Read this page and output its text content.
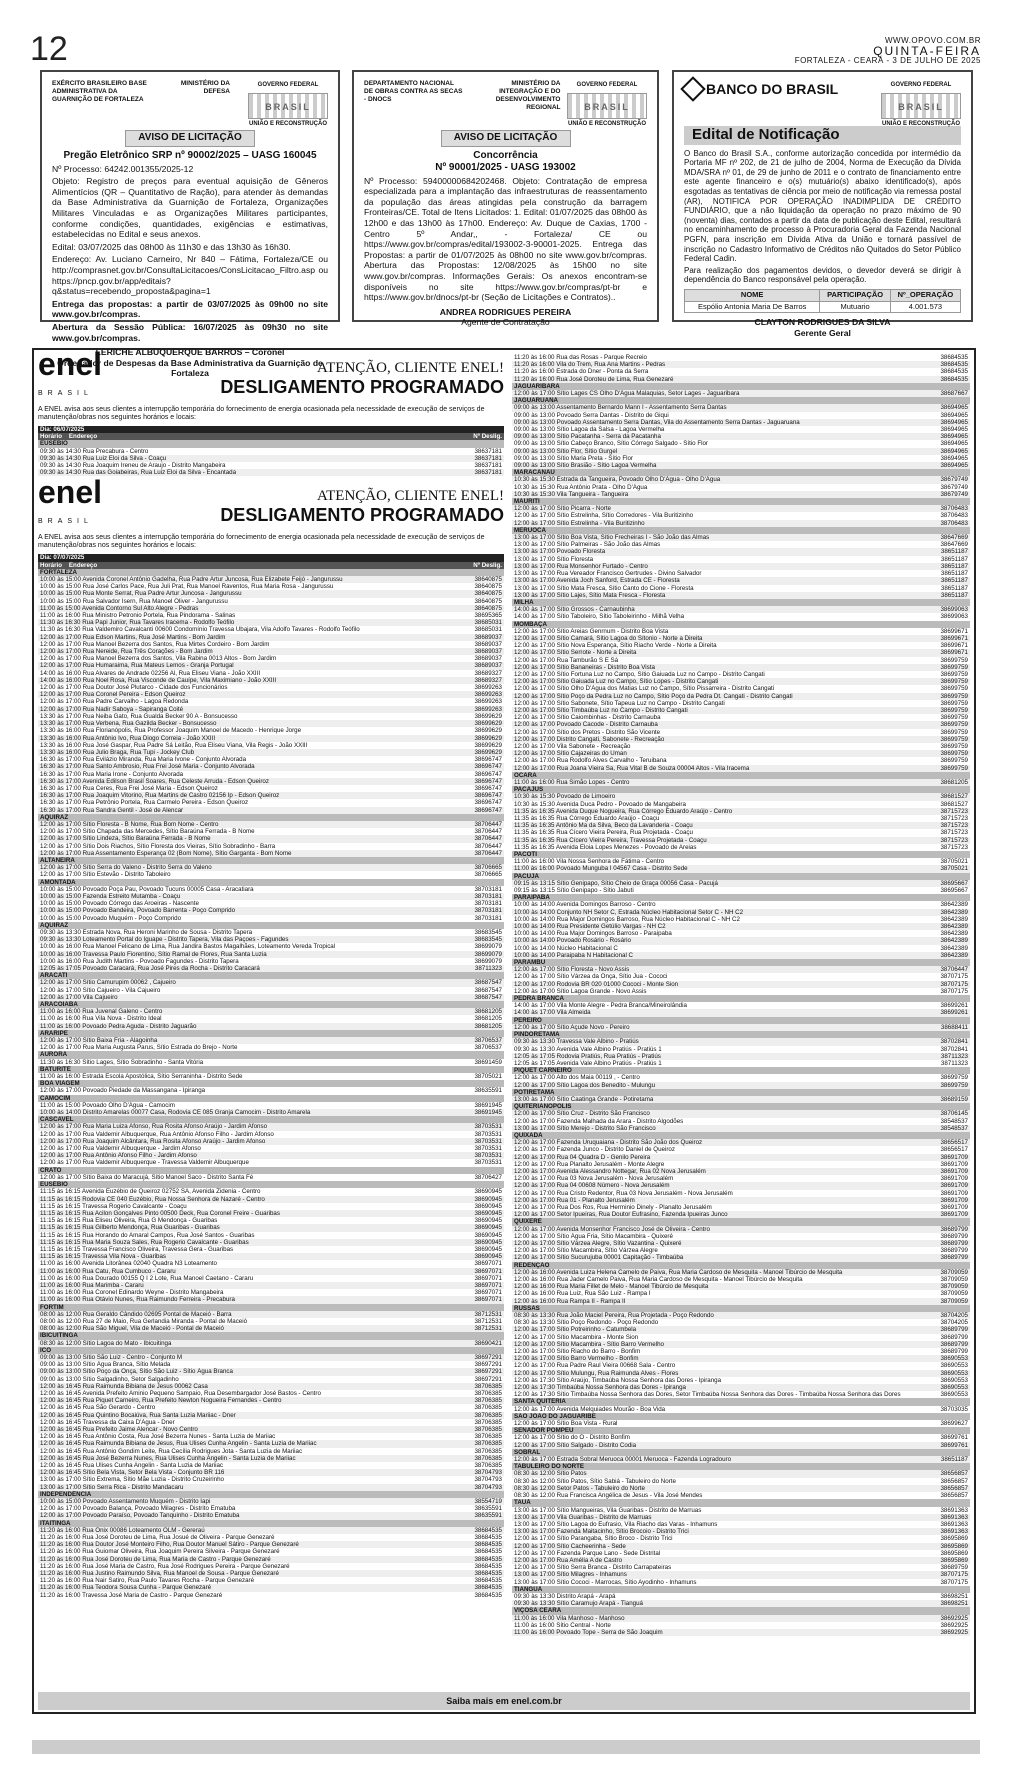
12	WWW.OPOVO.COM.BR
QUINTA-FEIRA
FORTALEZA - CEARÁ - 3 DE JULHO DE 2025
EXÉRCITO BRASILEIRO BASE ADMINISTRATIVA DA GUARNIÇÃO DE FORTALEZA
MINISTÉRIO DA DEFESA
GOVERNO FEDERAL
BRASIL
UNIÃO E RECONSTRUÇÃO
AVISO DE LICITAÇÃO
Pregão Eletrônico SRP nº 90002/2025 – UASG 160045

Nº Processo: 64242.001355/2025-12

Objeto: Registro de preços para eventual aquisição de Gêneros Alimentícios (QR – Quantitativo de Ração), para atender às demandas da Base Administrativa da Guarnição de Fortaleza, Organizações Militares Vinculadas e as Organizações Militares participantes, conforme condições, quantidades, exigências e estimativas, estabelecidas no Edital e seus anexos.

Edital: 03/07/2025 das 08h00 às 11h30 e das 13h30 às 16h30.

Endereço: Av. Luciano Carneiro, Nr 840 – Fátima, Fortaleza/CE ou http://comprasnet.gov.br/ConsultaLicitacoes/ConsLicitacao_Filtro.asp ou https://pncp.gov.br/app/editais?q&status=recebendo_proposta&pagina=1

Entrega das propostas: a partir de 03/07/2025 às 09h00 no site www.gov.br/compras.

Abertura da Sessão Pública: 16/07/2025 às 09h30 no site www.gov.br/compras.

LERICHE ALBUQUERQUE BARROS – Coronel
Ordenador de Despesas da Base Administrativa da Guarnição de Fortaleza
DEPARTAMENTO NACIONAL DE OBRAS CONTRA AS SECAS - DNOCS
MINISTÉRIO DA INTEGRAÇÃO E DO DESENVOLVIMENTO REGIONAL
GOVERNO FEDERAL
BRASIL
UNIÃO E RECONSTRUÇÃO
AVISO DE LICITAÇÃO
Concorrência
Nº 90001/2025 - UASG 193002

Nº Processo: 59400000684202468. Objeto: Contratação de empresa especializada para a implantação das infraestruturas de reassentamento da população das áreas atingidas pela construção da barragem Fronteiras/CE. Total de Itens Licitados: 1. Edital: 01/07/2025 das 08h00 às 12h00 e das 13h00 às 17h00. Endereço: Av. Duque de Caxias, 1700 - Centro 5º Andar,, - Fortaleza/ CE ou https://www.gov.br/compras/edital/193002-3-90001-2025. Entrega das Propostas: a partir de 01/07/2025 às 08h00 no site www.gov.br/compras. Abertura das Propostas: 12/08/2025 às 15h00 no site www.gov.br/compras. Informações Gerais: Os anexos encontram-se disponíveis no site https://www.gov.br/compras/pt-br e https://www.gov.br/dnocs/pt-br (Seção de Licitações e Contratos)..

ANDREA RODRIGUES PEREIRA
Agente de Contratação
BANCO DO BRASIL	GOVERNO FEDERAL
BRASIL
UNIÃO E RECONSTRUÇÃO
Edital de Notificação

O Banco do Brasil S.A., conforme autorização concedida por intermédio da Portaria MF nº 202, de 21 de julho de 2004, Norma de Execução da Dívida MDA/SRA nº 01, de 29 de junho de 2011 e o contrato de financiamento entre este agente financeiro e o(s) mutuário(s) abaixo identificado(s), após esgotadas as tentativas de ciência por meio de notificação via remessa postal (AR), NOTIFICA POR OPERAÇÃO INADIMPLIDA DE CRÉDITO FUNDIÁRIO, que a não liquidação da operação no prazo máximo de 90 (noventa) dias, contados a partir da data de publicação deste Edital, resultará no encaminhamento de processo à Procuradoria Geral da Fazenda Nacional PGFN, para inscrição em Dívida Ativa da União e tornará passível de inscrição no Cadastro Informativo de Créditos não Quitados do Setor Público Federal Cadin.

Para realização dos pagamentos devidos, o devedor deverá se dirigir à dependência do Banco responsável pela operação.

NOME	PARTICIPAÇÃO	Nº_OPERAÇÃO
Espólio Antonia Maria De Barros	Mutuario	4.001.573
CLAYTON RODRIGUES DA SILVA
Gerente Geral
enel
BRASIL
ATENÇÃO, CLIENTE ENEL!
DESLIGAMENTO PROGRAMADO
A ENEL avisa aos seus clientes a interrupção temporária do fornecimento de energia ocasionada pela necessidade de execução de serviços de manutenção/obras nos seguintes horários e locais:
Dia: 06/07/2025	
Horário Endereço	Nº Deslig.
EUSÉBIO	
09:30 às 14:30 Rua Precabura - Centro	38637181
09:30 às 14:30 Rua Luiz Eloi da Silva - Coaçu	38637181
09:30 às 14:30 Rua Joaquim Ireneu de Araujo - Distrito Mangabeira	38637181
09:30 às 14:30 Rua das Goiabeiras, Rua Luiz Eloi da Silva - Encantada	38637181
enel
BRASIL
ATENÇÃO, CLIENTE ENEL!
DESLIGAMENTO PROGRAMADO
A ENEL avisa aos seus clientes a interrupção temporária do fornecimento de energia ocasionada pela necessidade de execução de serviços de manutenção/obras nos seguintes horários e locais:
Dia: 07/07/2025	
Horário Endereço	Nº Deslig.
FORTALEZA	
10:00 às 15:00 Avenida Coronel Antônio Gadelha, Rua Padre Artur Juncosa, Rua Elizabete Feijó - Jangurussu	38640875
10:00 às 15:00 Rua José Carlos Pace, Rua Juli Prat, Rua Manoel Raventos, Rua Maria Rosa - Jangurussu	38640875
10:00 às 15:00 Rua Monte Serrat, Rua Padre Artur Juncosa - Jangurussu	38640875
10:00 às 15:00 Rua Salvador Isern, Rua Manoel Oliver - Jangurussu	38640875
11:00 às 15:00 Avenida Contorno Sul Alto Alegre - Pedras	38640875
11:00 às 16:00 Rua Ministro Petronio Portela, Rua Pindorama - Salinas	38695365
11:30 às 16:30 Rua Papi Junior, Rua Tavares Iracema - Rodolfo Teófilo	38685031
11:30 às 16:30 Rua Valdemiro Cavalcanti 00600 Condomínio Travessa Ubajara, Vila Adolfo Tavares - Rodolfo Teófilo	38685031
12:00 às 17:00 Rua Edson Martins, Rua José Martins - Bom Jardim	38689037
12:00 às 17:00 Rua Manoel Bezerra dos Santos, Rua Mirtes Cordeiro - Bom Jardim	38689037
12:00 às 17:00 Rua Nereide, Rua Três Corações - Bom Jardim	38689037
12:00 às 17:00 Rua Manoel Bezerra dos Santos, Vila Rabina 0013 Altos - Bom Jardim	38689037
12:00 às 17:00 Rua Humaraima, Rua Mateus Lemos - Granja Portugal	38689037
14:00 às 16:00 Rua Alvares de Andrade 02256 Al, Rua Eliseu Viana - João XXIII	38689327
14:00 às 16:00 Rua Noel Rosa, Rua Visconde de Cauípe, Vila Maximiano - João XXIII	38689327
12:00 às 17:00 Rua Doutor José Plutarco - Cidade dos Funcionários	38699263
12:00 às 17:00 Rua Coronel Pereira - Edson Queiroz	38699263
12:00 às 17:00 Rua Padre Carvalho - Lagoa Redonda	38699263
12:00 às 17:00 Rua Nadir Saboya - Sapiranga Coité	38699263
13:30 às 17:00 Rua Neiba Gato, Rua Gualda Becker 90 A - Bonsucesso	38699629
13:30 às 17:00 Rua Verbena, Rua Gazilda Becker - Bonsucesso	38699629
13:30 às 16:00 Rua Florianópolis, Rua Professor Joaquim Manoel de Macedo - Henrique Jorge	38699629
13:30 às 16:00 Rua Antônio Ivo, Rua Diogo Correia - João XXIII	38699629
13:30 às 16:00 Rua José Gaspar, Rua Padre Sá Leitão, Rua Eliseu Viana, Vila Regis - João XXIII	38699629
13:30 às 16:00 Rua Julio Braga, Rua Tupi - Jockey Club	38699629
16:30 às 17:00 Rua Evilázio Miranda, Rua Maria Ivone - Conjunto Alvorada	38696747
16:30 às 17:00 Rua Santo Ambrosio, Rua Frei José Maria - Conjunto Alvorada	38696747
16:30 às 17:00 Rua Maria Irone - Conjunto Alvorada	38696747
16:30 às 17:00 Avenida Edilson Brasil Soares, Rua Celeste Arruda - Edson Queiroz	38696747
16:30 às 17:00 Rua Ceres, Rua Frei José Maria - Edson Queiroz	38696747
16:30 às 17:00 Rua Joaquim Vitorino, Rua Martins de Castro 02156 Ip - Edson Queiroz	38696747
16:30 às 17:00 Rua Petrônio Portela, Rua Carmelo Pereira - Edson Queiroz	38696747
16:30 às 17:00 Rua Sandra Gentil - José de Alencar	38696747
AQUIRAZ	
12:00 às 17:00 Sítio Floresta - B Nome, Rua Bom Nome - Centro	38706447
12:00 às 17:00 Sítio Chapada das Mercedes, Sítio Baraúna Ferrada - B Nome	38706447
12:00 às 17:00 Sítio Lindeza, Sítio Baraúna Ferrada - B Nome	38706447
12:00 às 17:00 Sítio Dois Riachos, Sítio Floresta dos Vieiras, Sítio Sobradinho - Barra	38706447
12:00 às 17:00 Rua Assentamento Esperança 02 (Bom Nome), Sítio Garganta - Bom Nome	38706447
ALTANEIRA	
12:00 às 17:00 Sítio Serra do Valeno - Distrito Serra do Valeno	38706665
12:00 às 17:00 Sítio Estevão - Distrito Taboleiro	38706665
AMONTADA	
10:00 às 15:00 Povoado Poça Pau, Povoado Tucuns 00005 Casa - Aracatiara	38703181
10:00 às 15:00 Fazenda Estreito Mutamba - Coaçu	38703181
10:00 às 15:00 Povoado Córrego das Aroeiras - Nascente	38703181
10:00 às 15:00 Povoado Bandeira, Povoado Barrenta - Poço Comprido	38703181
10:00 às 15:00 Povoado Muquém - Poço Comprido	38703181
AQUIRAZ	
09:30 às 13:30 Estrada Nova, Rua Heroni Marinho de Sousa - Distrito Tapera	38683545
09:30 às 13:30 Loteamento Portal do Iguape - Distrito Tapera, Vila das Paçoes - Fagundes	38683545
10:00 às 16:00 Rua Manoel Felicano de Lima, Rua Jandira Bastos Magalhães, Loteamento Vereda Tropical	38699079
10:00 às 16:00 Travessa Paulo Fiorentino, Sítio Ramal de Flores, Rua Santa Luzia	38699079
10:00 às 16:00 Rua Judith Martins - Povoado Fagundes - Distrito Tapera	38699079
12:05 às 17:05 Povoado Caracará, Rua José Pires da Rocha - Distrito Caracará	38711323
ARACATI	
12:00 às 17:00 Sítio Camurupim 00062 , Cajueiro	38687547
12:00 às 17:00 Sítio Cajueiro - Vila Cajueiro	38687547
12:00 às 17:00 Vila Cajueiro	38687547
ARACOIABA	
11:00 às 16:00 Rua Juvenal Galeno - Centro	38681205
11:00 às 16:00 Rua Vila Nova - Distrito Ideal	38681205
11:00 às 16:00 Povoado Pedra Aguda - Distrito Jaguarão	38681205
ARARIPE	
12:00 às 17:00 Sítio Baixa Fria - Alagoinha	38706537
12:00 às 17:00 Rua Maria Augusta Parus, Sítio Estrada do Brejo - Norte	38706537
AURORA	
11:30 às 16:30 Sítio Lages, Sítio Sobradinho - Santa Vitória	38691459
BATURITÉ	
11:00 às 16:00 Estrada Escola Apostólica, Sítio Serraninha - Distrito Sede	38705021
BOA VIAGEM	
12:00 às 17:00 Povoado Piedade da Massangana - Ipiranga	38635591
CAMOCIM	
11:00 às 15:00 Povoado Olho D'Água - Camocim	38691945
10:00 às 14:00 Distrito Amarelas 00077 Casa, Rodovia CE 085 Granja Camocim - Distrito Amarela	38691945
CASCAVEL	
12:00 às 17:00 Rua Maria Luiza Afonso, Rua Rosita Afonso Araújo - Jardim Afonso	38703531
12:00 às 17:00 Rua Valdemir Albuquerque, Rua Antônio Afonso Filho - Jardim Afonso	38703531
12:00 às 17:00 Rua Joaquim Alcântara, Rua Rosita Afonso Araújo - Jardim Afonso	38703531
12:00 às 17:00 Rua Valdemir Albuquerque - Jardim Afonso	38703531
12:00 às 17:00 Rua Antônio Afonso Filho - Jardim Afonso	38703531
12:00 às 17:00 Rua Valdemir Albuquerque - Travessa Valdemir Albuquerque	38703531
CRATO	
12:00 às 17:00 Sítio Baixa do Maracujá, Sítio Manoel Saco - Distrito Santa Fé	38706427
EUSÉBIO	
11:15 às 16:15 Avenida Euzébio de Queiroz 02752 SA, Avenida Zidenia - Centro	38690945
11:15 às 16:15 Rodovia CE 040 Euzébio, Rua Nossa Senhora de Nazaré - Centro	38690945
11:15 às 16:15 Travessa Rogerio Cavalcante - Coaçu	38690945
11:15 às 16:15 Rua Acilon Gonçalves Pinto 00500 Deck, Rua Coronel Freire - Guaribas	38690945
11:15 às 16:15 Rua Eliseu Oliveira, Rua G Mendonça - Guaribas	38690945
11:15 às 16:15 Rua Gilberto Mendonça, Rua Guaribas - Guaribas	38690945
11:15 às 16:15 Rua Horando do Amaral Campos, Rua José Santos - Guaribas	38690945
11:15 às 16:15 Rua Maria Souza Sales, Rua Rogerio Cavalcante - Guaribas	38690945
11:15 às 16:15 Travessa Francisco Oliveira, Travessa Gera - Guaribas	38690945
11:15 às 16:15 Travessa Vila Nova - Guaribas	38690945
11:00 às 16:00 Avenida Litorânea 02040 Quadra N3 Loteamento	38697071
11:00 às 16:00 Rua Catu, Rua Cumbuco - Cararu	38697071
11:00 às 16:00 Rua Dourado 00155 Q I 2 Lote, Rua Manoel Caetano - Cararu	38697071
11:00 às 16:00 Rua Marimba - Cararu	38697071
11:00 às 16:00 Rua Coronel Edinardo Weyne - Distrito Mangabeira	38697071
11:00 às 16:00 Rua Otávio Nunes, Rua Raimundo Ferreira - Precabura	38697071
FORTIM	
08:00 às 12:00 Rua Geraldo Cândido 02695 Pontal de Maceió - Barra	38712531
08:00 às 12:00 Rua 27 de Maio, Rua Gerlandia Miranda - Pontal de Maceió	38712531
08:00 às 12:00 Rua São Miguel, Vila de Maceió - Pontal de Maceió	38712531
IBICUITINGA	
08:30 às 12:00 Sítio Lagoa do Mato - Ibicuitinga	38690421
ICÓ	
09:00 às 13:00 Sítio São Luiz - Centro - Conjunto M	38697291
09:00 às 13:00 Sítio Água Branca, Sítio Melada	38697291
09:00 às 13:00 Sítio Poço da Onça, Sítio São Luiz - Sítio Água Branca	38697291
09:00 às 13:00 Sítio Salgadinho, Setor Salgadinho	38697291
12:00 às 16:45 Rua Raimunda Bibiana de Jesus 00062 Casa	38706385
12:00 às 16:45 Avenida Prefeito Aminio Pequeno Sampaio, Rua Desembargador José Bastos - Centro	38706385
12:00 às 16:45 Rua Piquet Carneiro, Rua Prefeito Newton Nogueira Fernandes - Centro	38706385
12:00 às 16:45 Rua São Gerardo - Centro	38706385
12:00 às 16:45 Rua Quintino Bocaiúva, Rua Santa Luzia Mariiac - Dner	38706385
12:00 às 16:45 Travessa da Caixa D'Água - Dner	38706385
12:00 às 16:45 Rua Prefeito Jaime Alencar - Novo Centro	38706385
12:00 às 16:45 Rua Antônio Costa, Rua José Bezerra Nunes - Santa Luzia de Mariiac	38706385
12:00 às 16:45 Rua Raimunda Bibiana de Jesus, Rua Ulises Cunha Angelin - Santa Luzia de Mariiac	38706385
12:00 às 16:45 Rua Antônio Gondim Leite, Rua Cecília Rodrigues Jota - Santa Luzia de Mariiac	38706385
12:00 às 16:45 Rua José Bezerra Nunes, Rua Ulises Cunha Angelin - Santa Luzia de Mariiac	38706385
12:00 às 16:45 Rua Ulises Cunha Angelin - Santa Luzia de Mariiac	38706385
12:00 às 16:45 Sítio Bela Vista, Setor Bela Vista - Conjunto BR 116	38704793
13:00 às 17:00 Sítio Extrema, Sítio Mãe Luzia - Distrito Cruzeirinho	38704793
13:00 às 17:00 Sítio Serra Rica - Distrito Mandacaru	38704793
INDEPENDÊNCIA	
10:00 às 15:00 Povoado Assentamento Muquém - Distrito Iapi	38554719
12:00 às 17:00 Povoado Balança, Povoado Milagres - Distrito Ematuba	38635591
12:00 às 17:00 Povoado Paraíso, Povoado Tanquinho - Distrito Ematuba	38635591
ITAITINGA	
11:20 às 16:00 Rua Ônix 00086 Loteamento OLM - Gereraú	38684535
11:20 às 16:00 Rua José Doroteu de Lima, Rua Josué de Oliveira - Parque Genezaré	38684535
11:20 às 16:00 Rua Doutor José Monteiro Filho, Rua Doutor Manuel Sátiro - Parque Genezaré	38684535
11:20 às 16:00 Rua Guiomar Oliveira, Rua Joaquim Pereira Silveira - Parque Genezaré	38684535
11:20 às 16:00 Rua José Doroteu de Lima, Rua Maria de Castro - Parque Genezaré	38684535
11:20 às 16:00 Rua José Maria de Castro, Rua José Rodrigues Pereira - Parque Genezaré	38684535
11:20 às 16:00 Rua Justino Raimundo Silva, Rua Manoel de Sousa - Parque Genezaré	38684535
11:20 às 16:00 Rua Nair Satiro, Rua Paulo Tavares Rocha - Parque Genezaré	38684535
11:20 às 16:00 Rua Teodora Sousa Cunha - Parque Genezaré	38684535
11:20 às 16:00 Travessa José Maria de Castro - Parque Genezaré	38684535
11:20 às 16:00 Rua das Rosas - Parque Recreio	38684535
11:20 às 16:00 Vila do Trem, Rua Ana Martins - Pedras	38684535
11:20 às 16:00 Estrada do Dner - Ponta da Serra	38684535
11:20 às 16:00 Rua José Doroteu de Lima, Rua Genezaré	38684535
JAGUARIBARA	
12:00 às 17:00 Sítio Lages CS Olho D'Água Malaquias, Setor Lages - Jaguaribara	38687667
JAGUARUANA	
09:00 às 13:00 Assentamento Bernardo Mann I - Assentamento Serra Dantas	38694965
09:00 às 13:00 Povoado Serra Dantas - Distrito de Giqui	38694965
09:00 às 13:00 Povoado Assentamento Serra Dantas, Vila do Assentamento Serra Dantas - Jaguaruana	38694965
09:00 às 13:00 Sítio Lagoa da Salsa - Lagoa Vermelha	38694965
09:00 às 13:00 Sítio Pacatanha - Serra da Pacatanha	38694965
09:00 às 13:00 Sítio Cabeço Branco, Sítio Córrego Salgado - Sítio Flor	38694965
09:00 às 13:00 Sítio Flor, Sítio Gurgel	38694965
09:00 às 13:00 Sítio Maria Preta - Sítio Flor	38694965
09:00 às 13:00 Sítio Brasião - Sítio Lagoa Vermelha	38694965
MARACANAÚ	
10:30 às 15:30 Estrada da Tangueira, Povoado Olho D'Água - Olho D'Água	38679749
10:30 às 15:30 Rua Antônio Prata - Olho D'Água	38679749
10:30 às 15:30 Vila Tangueira - Tangueira	38679749
MAURITI	
12:00 às 17:00 Sítio Picarra - Norte	38706483
12:00 às 17:00 Sítio Estrelinha, Sítio Corredores - Vila Buritizinho	38706483
12:00 às 17:00 Sítio Estrelinha - Vila Buritizinho	38706483
MERUOCA	
13:00 às 17:00 Sítio Boa Vista, Sítio Frecheiras I - São João das Almas	38647669
13:00 às 17:00 Sítio Palmeiras - São João das Almas	38647669
13:00 às 17:00 Povoado Floresta	38651187
13:00 às 17:00 Sítio Floresta	38651187
13:00 às 17:00 Rua Monsenhor Furtado - Centro	38651187
13:00 às 17:00 Rua Vereador Francisco Gertrudes - Divino Salvador	38651187
13:00 às 17:00 Avenida Joch Sanford, Estrada CE - Floresta	38651187
13:00 às 17:00 Sítio Mata Fresca, Sítio Canto do Cione - Floresta	38651187
13:00 às 17:00 Sítio Lajes, Sítio Mata Fresca - Floresta	38651187
MILHÃ	
14:00 às 17:00 Sítio Grossos - Carnaubinha	38699063
14:00 às 17:00 Sítio Taboleiro, Sítio Taboleirinho - Milhã Velha	38699063
MOMBAÇA	
12:00 às 17:00 Sítio Areias Genrnum - Distrito Boa Vista	38699671
12:00 às 17:00 Sítio Camará, Sítio Lagoa do Sítonio - Norte a Direita	38699671
12:00 às 17:00 Sítio Nova Esperança, Sítio Riacho Verde - Norte a Direita	38699671
12:00 às 17:00 Sítio Serrote - Norte a Direita	38699671
12:00 às 17:00 Rua Tamburão S E Sá	38699759
12:00 às 17:00 Sítio Bananeiras - Distrito Boa Vista	38699759
12:00 às 17:00 Sítio Fortuna Luz no Campo, Sítio Gaiuada Luz no Campo - Distrito Cangati	38699759
12:00 às 17:00 Sítio Gaiuada Luz no Campo, Sítio Lopes - Distrito Cangati	38699759
12:00 às 17:00 Sítio Olho D'Água dos Matias Luz no Campo, Sítio Pissarreira - Distrito Cangati	38699759
12:00 às 17:00 Sítio Poço da Pedra Luz no Campo, Sítio Poço da Pedra Dt. Cangati - Distrito Cangati	38699759
12:00 às 17:00 Sítio Sabonete, Sítio Tapeua Luz no Campo - Distrito Cangati	38699759
12:00 às 17:00 Sítio Timbaúba Luz no Campo - Distrito Cangati	38699759
12:00 às 17:00 Sítio Caiombinhas - Distrito Carnauba	38699759
12:00 às 17:00 Povoado Cacode - Distrito Carnauba	38699759
12:00 às 17:00 Sítio dos Pretos - Distrito São Vicente	38699759
12:00 às 17:00 Distrito Cangati, Sabonete - Recreação	38699759
12:00 às 17:00 Vila Sabonete - Recreação	38699759
12:00 às 17:00 Sítio Cajazeiras do Uman	38699759
12:00 às 17:00 Rua Rodolfo Alves Carvalho - Teruibana	38699759
12:00 às 17:00 Rua Joana Vieira Sa, Rua Vital B de Souza 00004 Altos - Vila Iracema	38699759
OCARA	
11:00 às 16:00 Rua Simão Lopes - Centro	38681205
PACAJUS	
10:30 às 15:30 Povoado de Limoeiro	38681527
10:30 às 15:30 Avenida Duca Pedro - Povoado de Mangabeira	38681527
11:35 às 16:35 Avenida Duque Nogueira, Rua Córrego Eduardo Araújo - Centro	38715723
11:35 às 16:35 Rua Córrego Eduardo Araújo - Coaçu	38715723
11:35 às 16:35 Antônio Ma da Silva, Beco da Lavanderia - Coaçu	38715723
11:35 às 16:35 Rua Cícero Vieira Pereira, Rua Projetada - Coaçu	38715723
11:35 às 16:35 Rua Cícero Vieira Pereira, Travessa Projetada - Coaçu	38715723
11:35 às 16:35 Avenida Eloia Lopes Menezes - Povoado de Areias	38715723
PACOTI	
11:00 às 16:00 Vila Nossa Senhora de Fátima - Centro	38705021
11:00 às 16:00 Povoado Munguba I 04567 Casa - Distrito Sede	38705021
PACUJÁ	
09:15 às 13:15 Sítio Genipapo, Sítio Cheio de Graça 00056 Casa - Pacujá	38695667
09:15 às 13:15 Sítio Genipapo - Sítio Jabuti	38695667
PARAIPABA	
10:00 às 14:00 Avenida Domingos Barroso - Centro	38642389
10:00 às 14:00 Conjunto NH Setor C, Estrada Núcleo Habitacional Setor C - NH C2	38642389
10:00 às 14:00 Rua Major Domingos Barroso, Rua Núcleo Habitacional C - NH C2	38642389
10:00 às 14:00 Rua Presidente Getúlio Vargas - NH C2	38642389
10:00 às 14:00 Rua Major Domingos Barroso - Paraipaba	38642389
10:00 às 14:00 Povoado Rosário - Rosário	38642389
10:00 às 14:00 Núcleo Habitacional C	38642389
10:00 às 14:00 Paraipaba N Habitacional C	38642389
PARAMBU	
12:00 às 17:00 Sítio Floresta - Novo Assis	38706447
12:00 às 17:00 Sítio Várzea da Onça, Sítio Jua - Cococi	38707175
12:00 às 17:00 Rodovia BR 020 01000 Cococi - Monte Sion	38707175
12:00 às 17:00 Sítio Lagoa Grande - Novo Assis	38707175
PEDRA BRANCA	
14:00 às 17:00 Vila Monte Alegre - Pedra Branca/Mineirolândia	38699261
14:00 às 17:00 Vila Almeida	38699261
PEREIRO	
12:00 às 17:00 Sítio Açude Novo - Pereiro	38688411
PINDORETAMA	
09:30 às 13:30 Travessa Vale Albino - Pratiús	38702841
09:30 às 13:30 Avenida Vale Albino Pratiús - Pratiús 1	38702841
12:05 às 17:05 Rodovia Pratiús, Rua Pratiús - Pratiús	38711323
12:05 às 17:05 Avenida Vale Albino Pratiús - Pratiús 1	38711323
PIQUET CARNEIRO	
12:00 às 17:00 Alto dos Maia 00119 , - Centro	38699759
12:00 às 17:00 Sítio Lagoa dos Benedito - Mulungu	38699759
POTIRETAMA	
13:00 às 17:00 Sítio Caatinga Grande - Potiretama	38689159
QUITERIANÓPOLIS	
12:00 às 17:00 Sítio Cruz - Distrito São Francisco	38706145
12:00 às 17:00 Fazenda Malhada da Arara - Distrito Algodões	38548537
13:00 às 17:00 Sítio Merejo - Distrito São Francisco	38548537
QUIXADÁ	
12:00 às 17:00 Fazenda Uruquaiana - Distrito São João dos Queiroz	38656517
12:00 às 17:00 Fazenda Junco - Distrito Daniel de Queiroz	38656517
12:00 às 17:00 Rua 04 Quadra D - Genilo Pereira	38691709
12:00 às 17:00 Rua Planalto Jerusalém - Monte Alegre	38691709
12:00 às 17:00 Avenida Alessandro Nottegar, Rua 02 Nova Jerusalém	38691709
12:00 às 17:00 Rua 03 Nova Jerusalém - Nova Jerusalém	38691709
12:00 às 17:00 Rua 04 00608 Número - Nova Jerusalém	38691709
12:00 às 17:00 Rua Cristo Redentor, Rua 03 Nova Jerusalém - Nova Jerusalém	38691709
12:00 às 17:00 Rua 01 - Planalto Jerusalém	38691709
12:00 às 17:00 Rua Dos Ros, Rua Herminio Dinely - Planalto Jerusalém	38691709
12:00 às 17:00 Setor Ipueiras, Rua Doutor Eufrasino, Fazenda Ipueiras Junco	38691709
QUIXERÉ	
12:00 às 17:00 Avenida Monsenhor Francisco José de Oliveira - Centro	38689799
12:00 às 17:00 Sítio Água Fria, Sítio Macambira - Quixeré	38689799
12:00 às 17:00 Sítio Várzea Alegre, Sítio Vazantina - Quixeré	38689799
12:00 às 17:00 Sítio Macambira, Sítio Várzea Alegre	38689799
12:00 às 17:00 Sítio Sucurujuba 00001 Capitação - Timbaúba	38689799
REDENÇÃO	
12:00 às 16:00 Avenida Luiza Helena Camelo de Paiva, Rua Maria Cardoso de Mesquita - Manoel Tibúrcio de Mesquita	38709059
12:00 às 16:00 Rua Jader Camelo Paiva, Rua Maria Cardoso de Mesquita - Manoel Tibúrcio de Mesquita	38709059
12:00 às 16:00 Rua Maria Fillet de Melo - Manoel Tibúrcio de Mesquita	38709059
12:00 às 16:00 Rua Luiz, Rua São Luiz - Rampa I	38709059
12:00 às 16:00 Rua Rampa II - Rampa II	38709059
RUSSAS	
08:30 às 13:30 Rua João Maciel Pereira, Rua Projetada - Poço Redondo	38704205
08:30 às 13:30 Sítio Poço Redondo - Poço Redondo	38704205
12:00 às 17:00 Sítio Potreirinho - Catumbela	38689799
12:00 às 17:00 Sítio Macambira - Monte Sion	38689799
12:00 às 17:00 Sítio Macambira - Sítio Barro Vermelho	38689799
12:00 às 17:00 Sítio Riacho do Barro - Bonfim	38689799
12:00 às 17:00 Sítio Barro Vermelho - Bonfim	38690553
12:00 às 17:00 Rua Padre Raul Vieira 00668 Sala - Centro	38690553
12:00 às 17:00 Sítio Mulungu, Rua Raimunda Alves - Flores	38690553
12:00 às 17:30 Sítio Araújo, Timbaúba Nossa Senhora das Dores - Ipiranga	38690553
12:00 às 17:30 Timbaúba Nossa Senhora das Dores - Ipiranga	38690553
12:00 às 17:30 Sítio Timbaúba Nossa Senhora das Dores, Setor Timbaúba Nossa Senhora das Dores - Timbaúba Nossa Senhora das Dores	38690553
SANTA QUITÉRIA	
12:00 às 17:00 Avenida Melquiades Mourão - Boa Vida	38703035
SÃO JOÃO DO JAGUARIBE	
12:00 às 17:00 Sítio Boa Vista - Rural	38699627
SENADOR POMPEU	
12:00 às 17:00 Sítio do O - Distrito Bonfim	38699761
12:00 às 17:00 Sítio Salgado - Distrito Codia	38699761
SOBRAL	
12:00 às 17:00 Estrada Sobral Meruoca 00001 Meruoca - Fazenda Logradouro	38651187
TABULEIRO DO NORTE	
08:30 às 12:00 Sítio Patos	38656857
08:30 às 12:00 Sítio Patos, Sítio Sabiá - Tabuleiro do Norte	38656857
08:30 às 12:00 Setor Patos - Tabuleiro do Norte	38656857
08:30 às 12:00 Rua Francisca Angélica de Jesus - Vila José Mendes	38656857
TAUÁ	
13:00 às 17:00 Sítio Mangueiras, Vila Guaribas - Distrito de Marruas	38691363
13:00 às 17:00 Vila Guaribas - Distrito de Marruas	38691363
13:00 às 17:00 Sítio Lagoa do Eufrasio, Vila Riacho das Varas - Inhamuns	38691363
13:00 às 17:00 Fazenda Maitacinho, Sítio Brocoio - Distrito Trici	38691363
12:00 às 17:00 Sítio Parangaba, Sítio Broco - Distrito Trici	38695869
12:00 às 17:00 Sítio Cacheerinha - Sede	38695869
12:00 às 17:00 Fazenda Parque Lano - Sede Distrital	38695869
12:00 às 17:00 Rua Amélia A de Castro	38695869
12:00 às 17:00 Sítio Serra Branca - Distrito Carrapateiras	38689759
13:00 às 17:00 Sítio Milagres - Inhamuns	38707175
13:00 às 17:00 Sítio Cococi - Marrocas, Sítio Ayodinho - Inhamuns	38707175
TIANGUÁ	
09:30 às 13:30 Distrito Arapá - Arapá	38698251
09:30 às 13:30 Sítio Caramujo Arapá - Tianguá	38698251
VIÇOSA CEARÁ	
11:00 às 16:00 Vila Manhoso - Manhoso	38692925
11:00 às 16:00 Sítio Central - Norte	38692925
11:00 às 16:00 Povoado Tope - Serra de São Joaquim	38692925
Saiba mais em enel.com.br
